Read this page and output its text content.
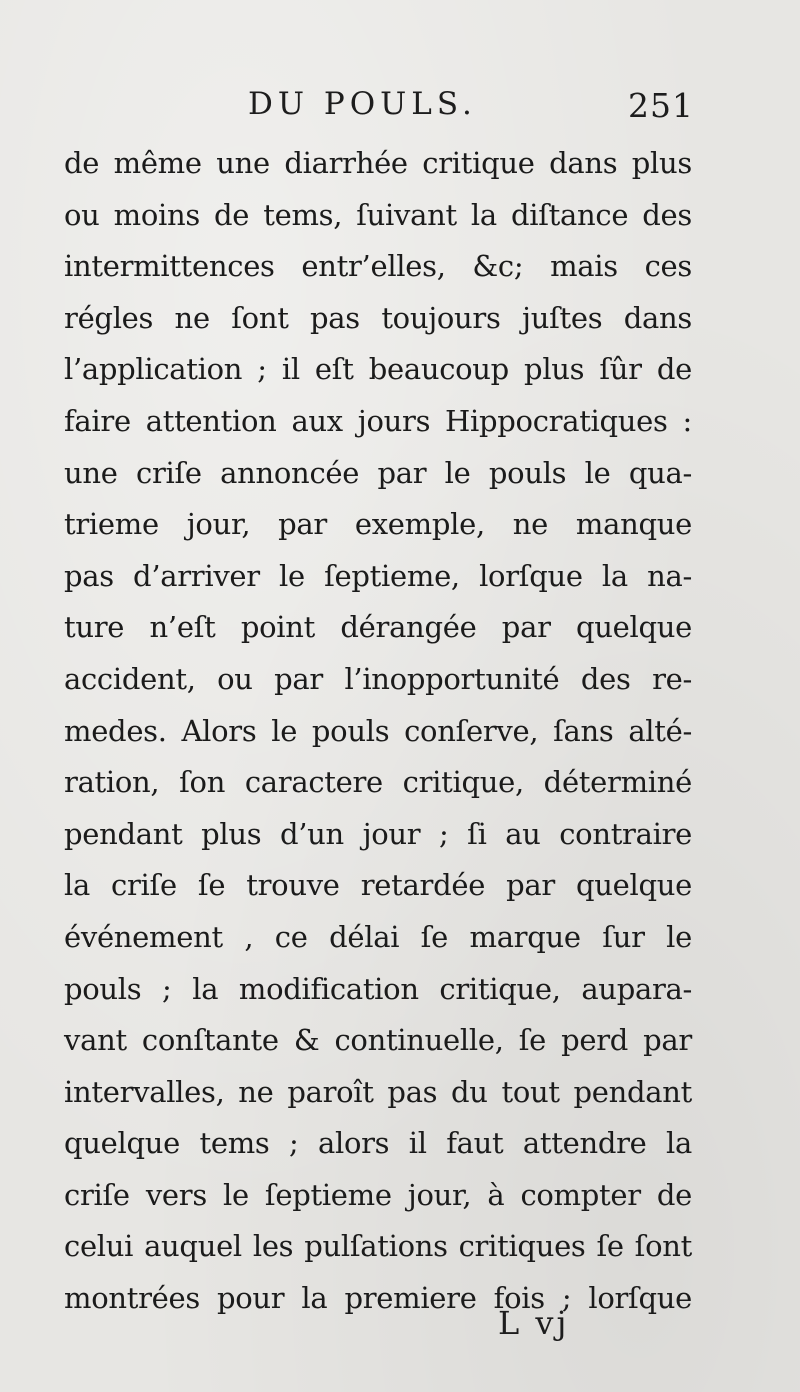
DU POULS.	251
de même une diarrhée critique dans plus
ou moins de tems, ſuivant la diſtance des
intermittences entr’elles, &c; mais ces
régles ne ſont pas toujours juſtes dans
l’application ; il eſt beaucoup plus ſûr de
faire attention aux jours Hippocratiques :
une criſe annoncée par le pouls le qua-
trieme jour, par exemple, ne manque
pas d’arriver le ſeptieme, lorſque la na-
ture n’eſt point dérangée par quelque
accident, ou par l’inopportunité des re-
medes. Alors le pouls conſerve, ſans alté-
ration, ſon caractere critique, déterminé
pendant plus d’un jour ; ſi au contraire
la criſe ſe trouve retardée par quelque
événement , ce délai ſe marque ſur le
pouls ; la modification critique, aupara-
vant conſtante & continuelle, ſe perd par
intervalles, ne paroît pas du tout pendant
quelque tems ; alors il faut attendre la
criſe vers le ſeptieme jour, à compter de
celui auquel les pulſations critiques ſe ſont
montrées pour la premiere fois ; lorſque
L vj
